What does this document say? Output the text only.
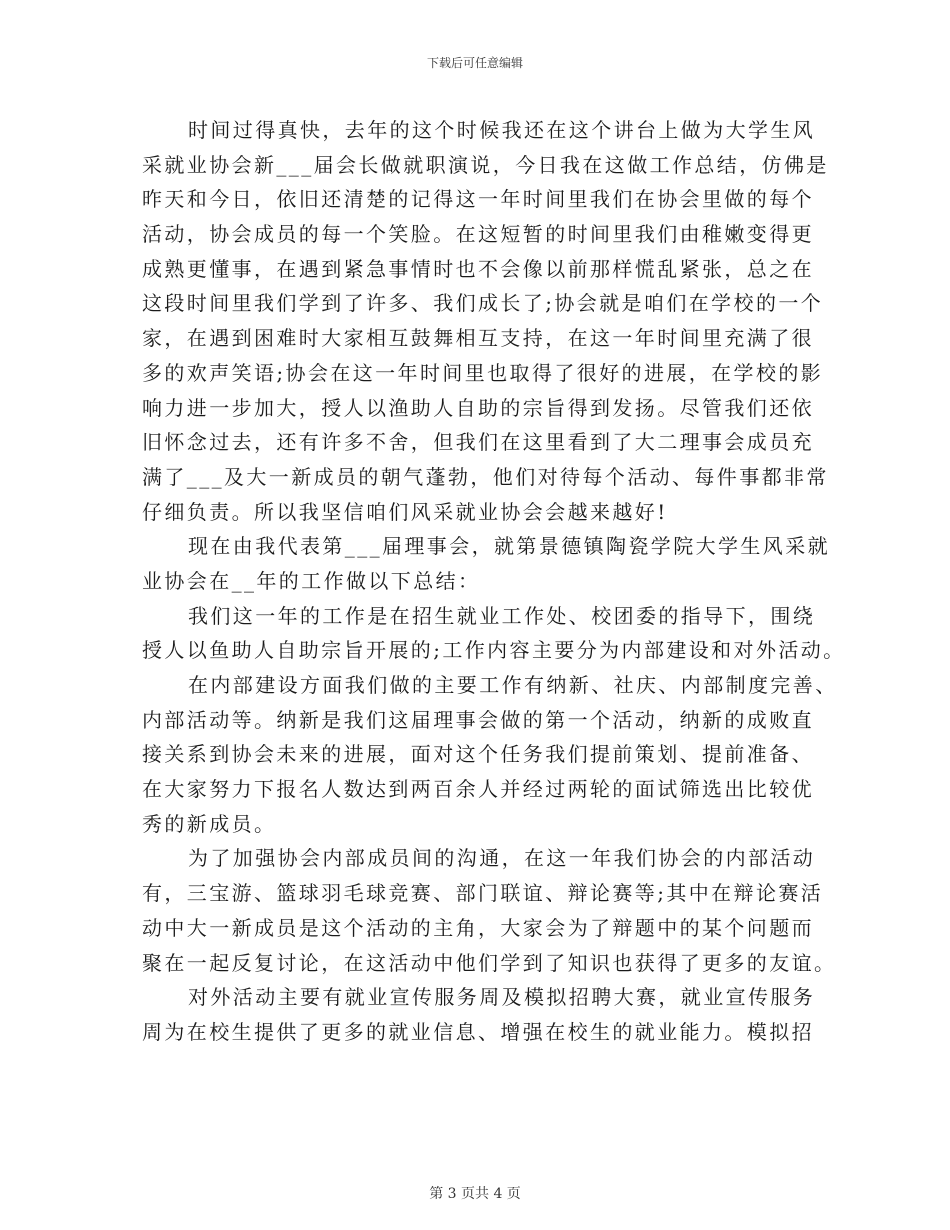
下载后可任意编辑
时间过得真快，去年的这个时候我还在这个讲台上做为大学生风
采就业协会新___届会长做就职演说，今日我在这做工作总结，仿佛是
昨天和今日，依旧还清楚的记得这一年时间里我们在协会里做的每个
活动，协会成员的每一个笑脸。在这短暂的时间里我们由稚嫩变得更
成熟更懂事，在遇到紧急事情时也不会像以前那样慌乱紧张，总之在
这段时间里我们学到了许多、我们成长了;协会就是咱们在学校的一个
家，在遇到困难时大家相互鼓舞相互支持，在这一年时间里充满了很
多的欢声笑语;协会在这一年时间里也取得了很好的进展，在学校的影
响力进一步加大，授人以渔助人自助的宗旨得到发扬。尽管我们还依
旧怀念过去，还有许多不舍，但我们在这里看到了大二理事会成员充
满了___及大一新成员的朝气蓬勃，他们对待每个活动、每件事都非常
仔细负责。所以我坚信咱们风采就业协会会越来越好!
现在由我代表第___届理事会，就第景德镇陶瓷学院大学生风采就
业协会在__年的工作做以下总结：
我们这一年的工作是在招生就业工作处、校团委的指导下，围绕
授人以鱼助人自助宗旨开展的;工作内容主要分为内部建设和对外活动。
在内部建设方面我们做的主要工作有纳新、社庆、内部制度完善、
内部活动等。纳新是我们这届理事会做的第一个活动，纳新的成败直
接关系到协会未来的进展，面对这个任务我们提前策划、提前准备、
在大家努力下报名人数达到两百余人并经过两轮的面试筛选出比较优
秀的新成员。
为了加强协会内部成员间的沟通，在这一年我们协会的内部活动
有，三宝游、篮球羽毛球竞赛、部门联谊、辩论赛等;其中在辩论赛活
动中大一新成员是这个活动的主角，大家会为了辩题中的某个问题而
聚在一起反复讨论，在这活动中他们学到了知识也获得了更多的友谊。
对外活动主要有就业宣传服务周及模拟招聘大赛，就业宣传服务
周为在校生提供了更多的就业信息、增强在校生的就业能力。模拟招
第 3 页共 4 页
